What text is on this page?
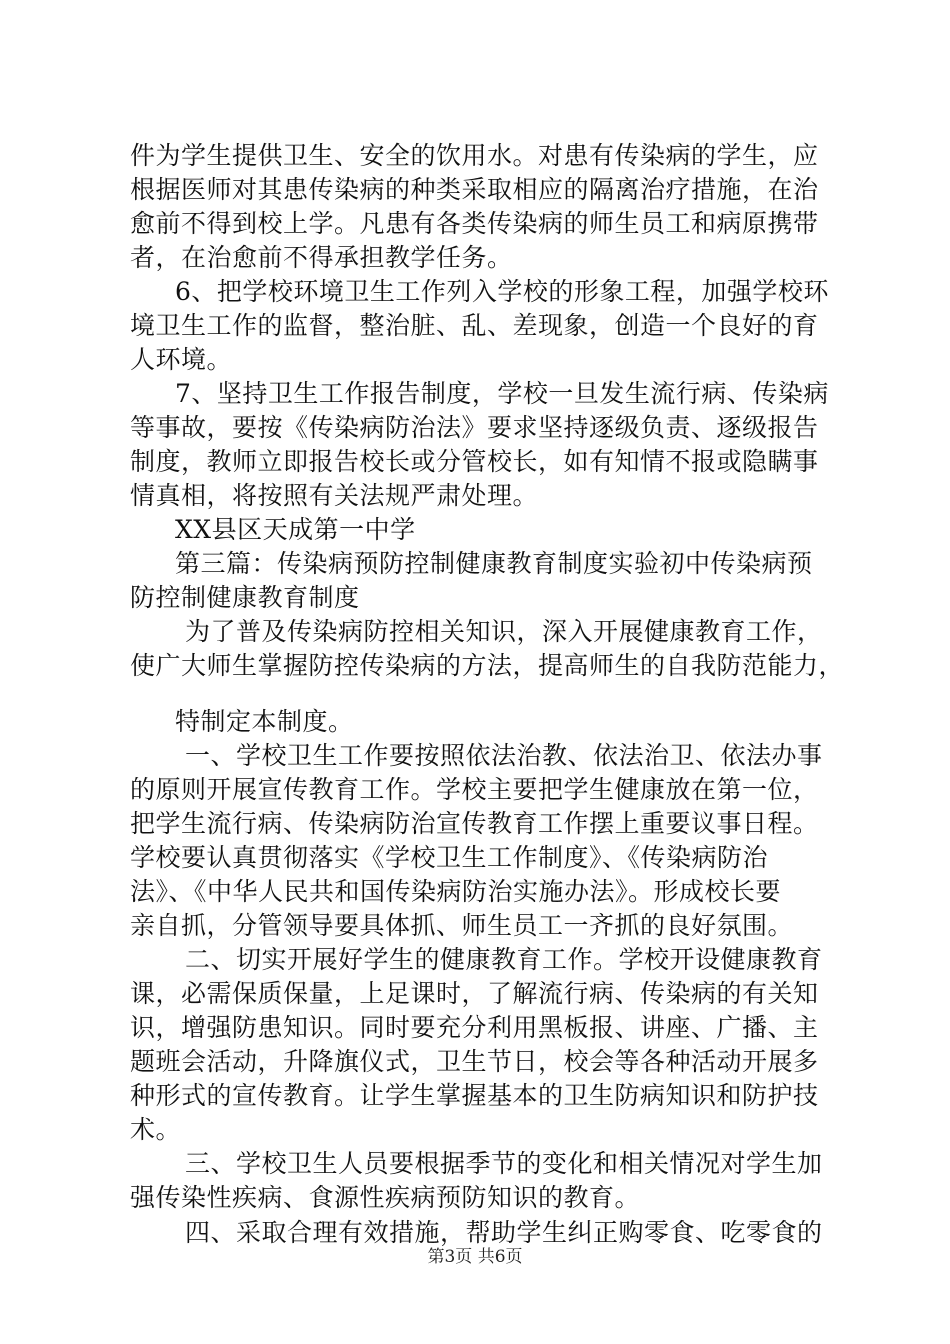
件为学生提供卫生、安全的饮用水。对患有传染病的学生，应
根据医师对其患传染病的种类采取相应的隔离治疗措施，在治
愈前不得到校上学。凡患有各类传染病的师生员工和病原携带
者，在治愈前不得承担教学任务。
6、把学校环境卫生工作列入学校的形象工程，加强学校环
境卫生工作的监督，整治脏、乱、差现象，创造一个良好的育
人环境。
7、坚持卫生工作报告制度，学校一旦发生流行病、传染病
等事故，要按《传染病防治法》要求坚持逐级负责、逐级报告
制度，教师立即报告校长或分管校长，如有知情不报或隐瞒事
情真相，将按照有关法规严肃处理。
XX县区天成第一中学
第三篇：传染病预防控制健康教育制度实验初中传染病预
防控制健康教育制度
为了普及传染病防控相关知识，深入开展健康教育工作，
使广大师生掌握防控传染病的方法，提高师生的自我防范能力，
特制定本制度。
一、学校卫生工作要按照依法治教、依法治卫、依法办事
的原则开展宣传教育工作。学校主要把学生健康放在第一位，
把学生流行病、传染病防治宣传教育工作摆上重要议事日程。
学校要认真贯彻落实《学校卫生工作制度》、《传染病防治
法》、《中华人民共和国传染病防治实施办法》。形成校长要
亲自抓，分管领导要具体抓、师生员工一齐抓的良好氛围。
二、切实开展好学生的健康教育工作。学校开设健康教育
课，必需保质保量，上足课时，了解流行病、传染病的有关知
识，增强防患知识。同时要充分利用黑板报、讲座、广播、主
题班会活动，升降旗仪式，卫生节日，校会等各种活动开展多
种形式的宣传教育。让学生掌握基本的卫生防病知识和防护技
术。
三、学校卫生人员要根据季节的变化和相关情况对学生加
强传染性疾病、食源性疾病预防知识的教育。
四、采取合理有效措施，帮助学生纠正购零食、吃零食的
第3页 共6页
